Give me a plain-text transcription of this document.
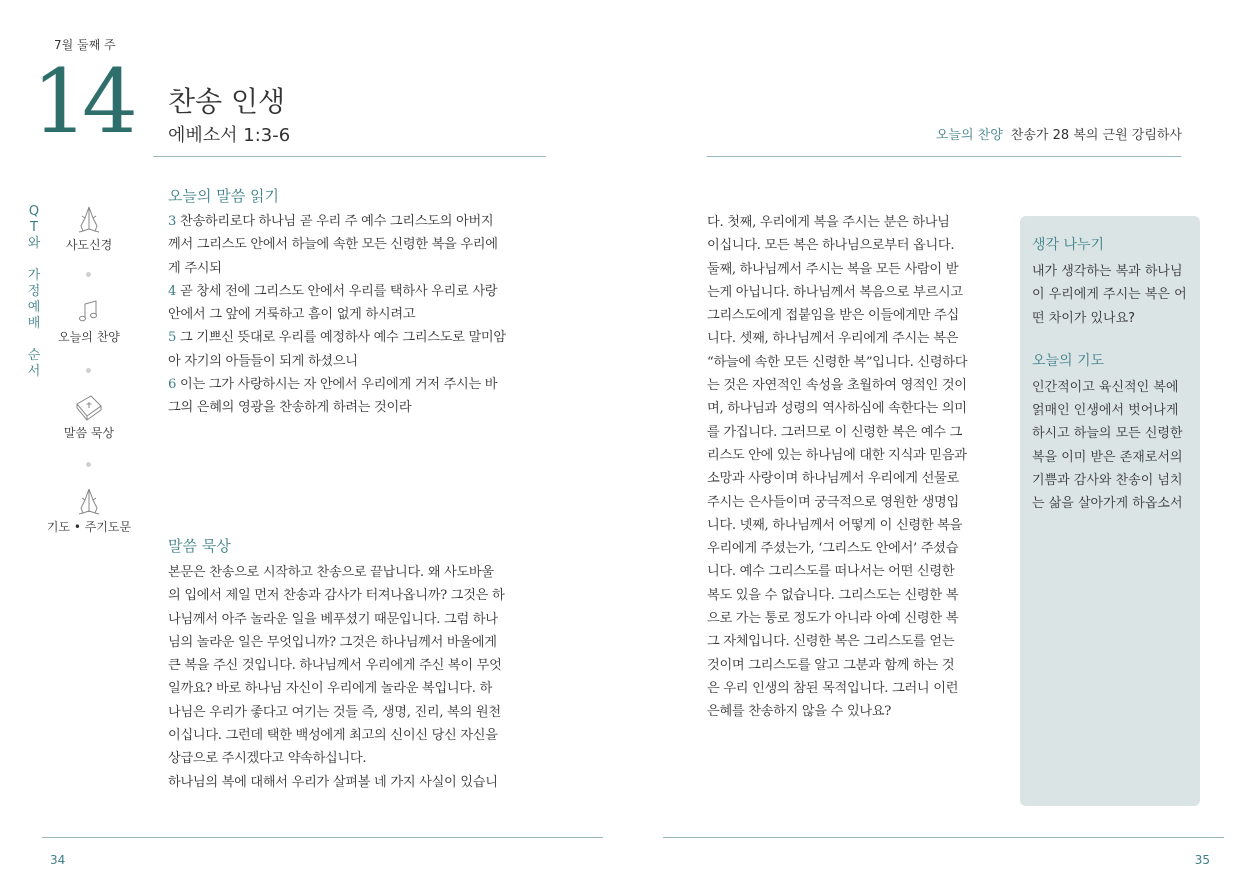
7월 둘째 주
14 찬송 인생
에베소서 1:3-6
Q
T
와
가
정
예
배
순
서
사도신경
오늘의 찬양
말씀 묵상
기도 • 주기도문
오늘의 말씀 읽기
3 찬송하리로다 하나님 곧 우리 주 예수 그리스도의 아버지
께서 그리스도 안에서 하늘에 속한 모든 신령한 복을 우리에
게 주시되
4 곧 창세 전에 그리스도 안에서 우리를 택하사 우리로 사랑
안에서 그 앞에 거룩하고 흠이 없게 하시려고
5 그 기쁘신 뜻대로 우리를 예정하사 예수 그리스도로 말미암
아 자기의 아들들이 되게 하셨으니
6 이는 그가 사랑하시는 자 안에서 우리에게 거저 주시는 바
그의 은혜의 영광을 찬송하게 하려는 것이라
말씀 묵상
본문은 찬송으로 시작하고 찬송으로 끝납니다. 왜 사도바울
의 입에서 제일 먼저 찬송과 감사가 터져나옵니까? 그것은 하
나님께서 아주 놀라운 일을 베푸셨기 때문입니다. 그럼 하나
님의 놀라운 일은 무엇입니까? 그것은 하나님께서 바울에게
큰 복을 주신 것입니다. 하나님께서 우리에게 주신 복이 무엇
일까요? 바로 하나님 자신이 우리에게 놀라운 복입니다. 하
나님은 우리가 좋다고 여기는 것들 즉, 생명, 진리, 복의 원천
이십니다. 그런데 택한 백성에게 최고의 신이신 당신 자신을
상급으로 주시겠다고 약속하십니다.
하나님의 복에 대해서 우리가 살펴볼 네 가지 사실이 있습니
34
오늘의 찬양 찬송가 28 복의 근원 강림하사
다. 첫째, 우리에게 복을 주시는 분은 하나님
이십니다. 모든 복은 하나님으로부터 옵니다.
둘째, 하나님께서 주시는 복을 모든 사람이 받
는게 아닙니다. 하나님께서 복음으로 부르시고
그리스도에게 접붙임을 받은 이들에게만 주십
니다. 셋째, 하나님께서 우리에게 주시는 복은
“하늘에 속한 모든 신령한 복”입니다. 신령하다
는 것은 자연적인 속성을 초월하여 영적인 것이
며, 하나님과 성령의 역사하심에 속한다는 의미
를 가집니다. 그러므로 이 신령한 복은 예수 그
리스도 안에 있는 하나님에 대한 지식과 믿음과
소망과 사랑이며 하나님께서 우리에게 선물로
주시는 은사들이며 궁극적으로 영원한 생명입
니다. 넷째, 하나님께서 어떻게 이 신령한 복을
우리에게 주셨는가, ‘그리스도 안에서’ 주셨습
니다. 예수 그리스도를 떠나서는 어떤 신령한
복도 있을 수 없습니다. 그리스도는 신령한 복
으로 가는 통로 정도가 아니라 아예 신령한 복
그 자체입니다. 신령한 복은 그리스도를 얻는
것이며 그리스도를 알고 그분과 함께 하는 것
은 우리 인생의 참된 목적입니다. 그러니 이런
은혜를 찬송하지 않을 수 있나요?
생각 나누기
내가 생각하는 복과 하나님
이 우리에게 주시는 복은 어
떤 차이가 있나요?
오늘의 기도
인간적이고 육신적인 복에
얽매인 인생에서 벗어나게
하시고 하늘의 모든 신령한
복을 이미 받은 존재로서의
기쁨과 감사와 찬송이 넘치
는 삶을 살아가게 하옵소서
35
